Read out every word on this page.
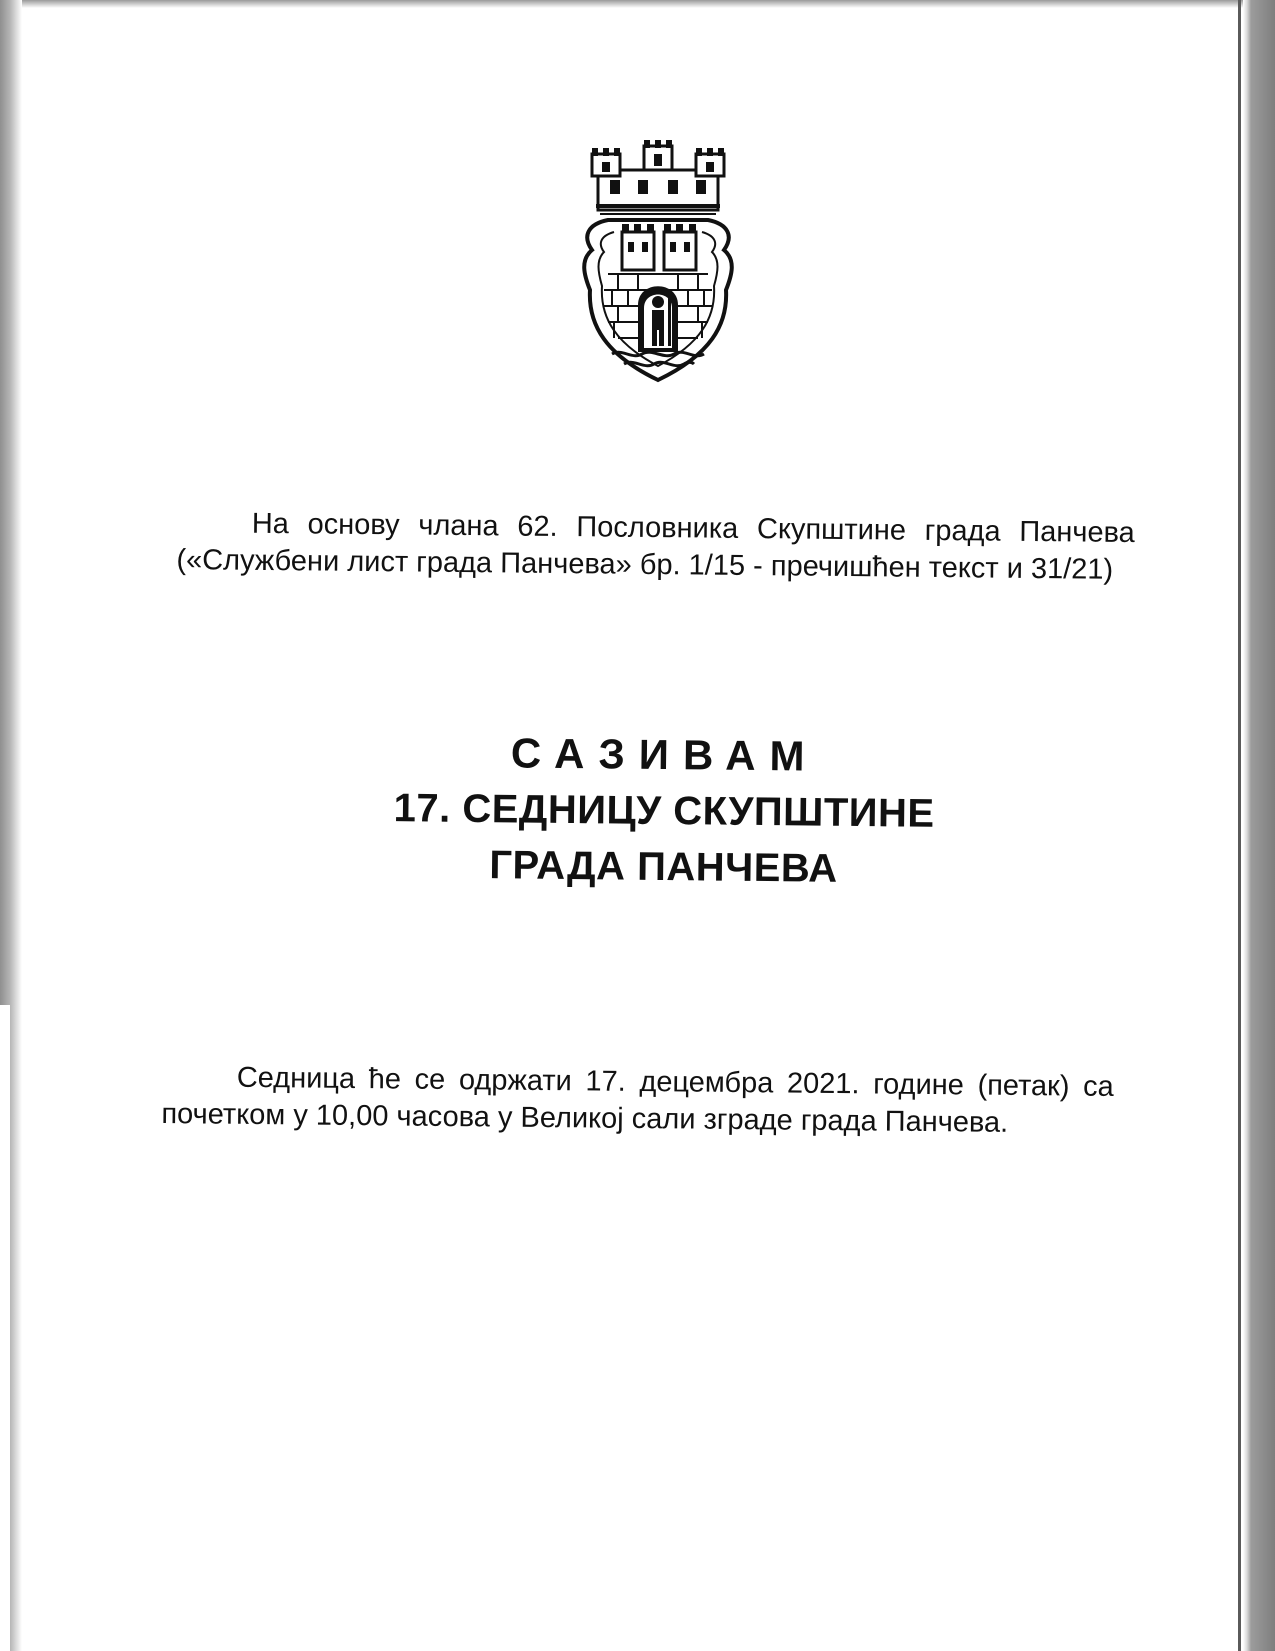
На основу члана 62. Пословника Скупштине града Панчева («Службени лист града Панчева» бр. 1/15 - пречишћен текст и 31/21)
САЗИВАМ
17. СЕДНИЦУ СКУПШТИНЕ
ГРАДА ПАНЧЕВА
Седница ће се одржати 17. децембра 2021. године (петак) са почетком у 10,00 часова у Великој сали зграде града Панчева.
